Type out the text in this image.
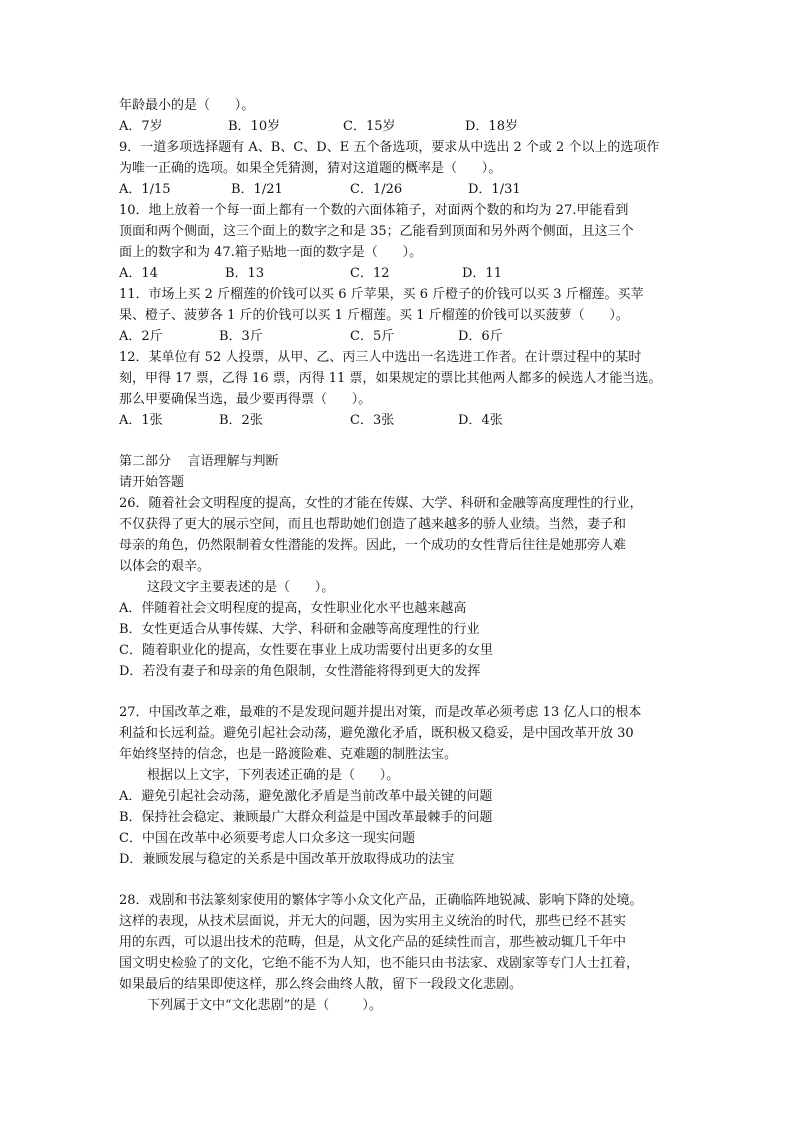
年龄最小的是（      ）。
A．7岁	B．10岁	C．15岁	D．18岁
9．一道多项选择题有 A、B、C、D、E 五个备选项，要求从中选出 2 个或 2 个以上的选项作
为唯一正确的选项。如果全凭猜测，猜对这道题的概率是（      ）。
A．1/15	B．1/21	C．1/26	D．1/31
10．地上放着一个每一面上都有一个数的六面体箱子，对面两个数的和均为 27.甲能看到
顶面和两个侧面，这三个面上的数字之和是 35；乙能看到顶面和另外两个侧面，且这三个
面上的数字和为 47.箱子贴地一面的数字是（      ）。
A．14	B．13	C．12	D．11
11．市场上买 2 斤榴莲的价钱可以买 6 斤苹果，买 6 斤橙子的价钱可以买 3 斤榴莲。买苹
果、橙子、菠萝各 1 斤的价钱可以买 1 斤榴莲。买 1 斤榴莲的价钱可以买菠萝（      ）。
A．2斤	B．3斤	C．5斤	D．6斤
12．某单位有 52 人投票，从甲、乙、丙三人中选出一名选进工作者。在计票过程中的某时
刻，甲得 17 票，乙得 16 票，丙得 11 票，如果规定的票比其他两人都多的候选人才能当选。
那么甲要确保当选，最少要再得票（      ）。
A．1张	B．2张	C．3张	D．4张
第二部分    言语理解与判断
请开始答题
26．随着社会文明程度的提高，女性的才能在传媒、大学、科研和金融等高度理性的行业，
不仅获得了更大的展示空间，而且也帮助她们创造了越来越多的骄人业绩。当然，妻子和
母亲的角色，仍然限制着女性潜能的发挥。因此，一个成功的女性背后往往是她那旁人难
以体会的艰辛。
这段文字主要表述的是（      ）。
A．伴随着社会文明程度的提高，女性职业化水平也越来越高
B．女性更适合从事传媒、大学、科研和金融等高度理性的行业
C．随着职业化的提高，女性要在事业上成功需要付出更多的女里
D．若没有妻子和母亲的角色限制，女性潜能将得到更大的发挥
27．中国改革之难，最难的不是发现问题并提出对策，而是改革必须考虑 13 亿人口的根本
利益和长远利益。避免引起社会动荡，避免激化矛盾，既积极又稳妥，是中国改革开放 30
年始终坚持的信念，也是一路渡险难、克难题的制胜法宝。
根据以上文字，下列表述正确的是（      ）。
A．避免引起社会动荡，避免激化矛盾是当前改革中最关键的问题
B．保持社会稳定、兼顾最广大群众利益是中国改革最棘手的问题
C．中国在改革中必须要考虑人口众多这一现实问题
D．兼顾发展与稳定的关系是中国改革开放取得成功的法宝
28．戏剧和书法篆刻家使用的繁体字等小众文化产品，正确临阵地锐减、影响下降的处境。
这样的表现，从技术层面说，并无大的问题，因为实用主义统治的时代，那些已经不甚实
用的东西，可以退出技术的范畴，但是，从文化产品的延续性而言，那些被动辄几千年中
国文明史检验了的文化，它绝不能不为人知，也不能只由书法家、戏剧家等专门人士扛着，
如果最后的结果即使这样，那么终会曲终人散，留下一段段文化悲剧。
下列属于文中“文化悲剧”的是（        ）。
